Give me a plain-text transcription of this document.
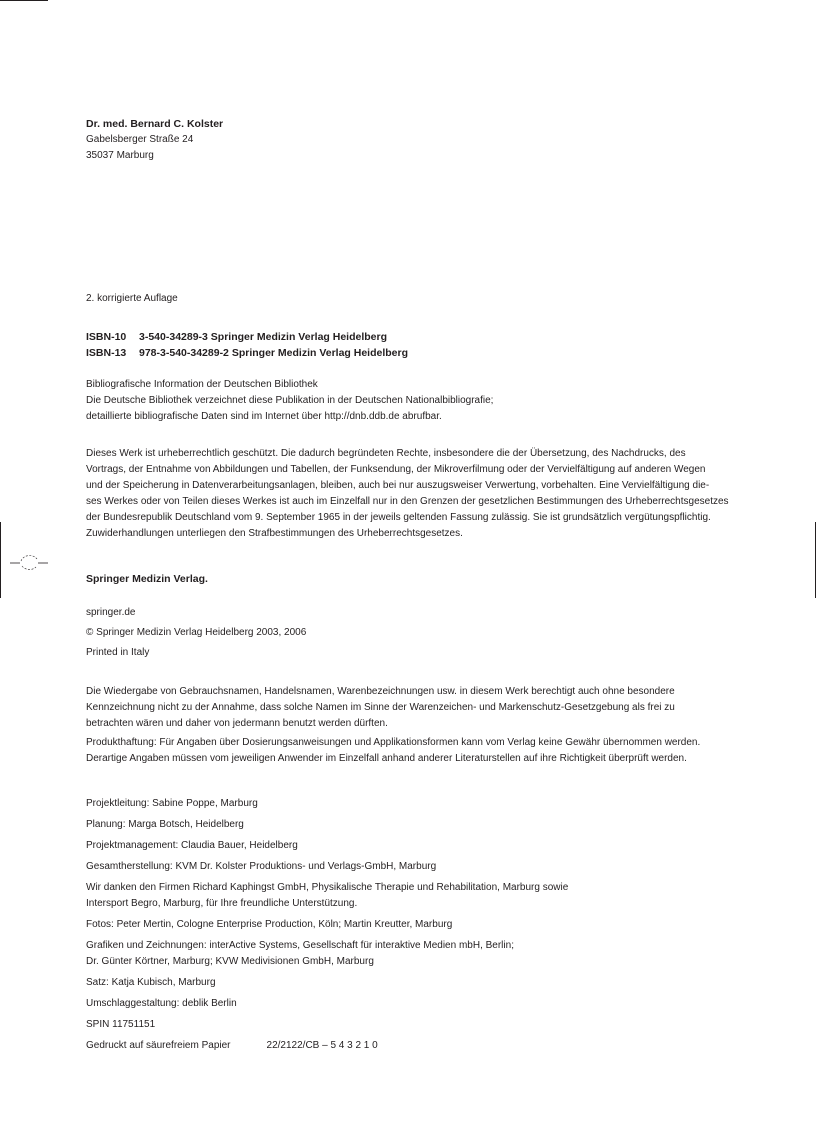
Dr. med. Bernard C. Kolster

Gabelsberger Straße 24

35037 Marburg

2. korrigierte Auflage

ISBN-10 3-540-34289-3 Springer Medizin Verlag Heidelberg

ISBN-13 978-3-540-34289-2 Springer Medizin Verlag Heidelberg

Bibliografische Information der Deutschen Bibliothek

Die Deutsche Bibliothek verzeichnet diese Publikation in der Deutschen Nationalbibliografie;

detaillierte bibliografische Daten sind im Internet über http://dnb.ddb.de abrufbar.

Dieses Werk ist urheberrechtlich geschützt. Die dadurch begründeten Rechte, insbesondere die der Übersetzung, des Nachdrucks, des

Vortrags, der Entnahme von Abbildungen und Tabellen, der Funksendung, der Mikroverfilmung oder der Vervielfältigung auf anderen Wegen

und der Speicherung in Datenverarbeitungsanlagen, bleiben, auch bei nur auszugsweiser Verwertung, vorbehalten. Eine Vervielfältigung die-

ses Werkes oder von Teilen dieses Werkes ist auch im Einzelfall nur in den Grenzen der gesetzlichen Bestimmungen des Urheberrechtsgesetzes

der Bundesrepublik Deutschland vom 9. September 1965 in der jeweils geltenden Fassung zulässig. Sie ist grundsätzlich vergütungspflichtig.

Zuwiderhandlungen unterliegen den Strafbestimmungen des Urheberrechtsgesetzes.

Springer Medizin Verlag.

springer.de

© Springer Medizin Verlag Heidelberg 2003, 2006

Printed in Italy

Die Wiedergabe von Gebrauchsnamen, Handelsnamen, Warenbezeichnungen usw. in diesem Werk berechtigt auch ohne besondere
Kennzeichnung nicht zu der Annahme, dass solche Namen im Sinne der Warenzeichen- und Markenschutz-Gesetzgebung als frei zu
betrachten wären und daher von jedermann benutzt werden dürften.
Produkthaftung: Für Angaben über Dosierungsanweisungen und Applikationsformen kann vom Verlag keine Gewähr übernommen werden.
Derartige Angaben müssen vom jeweiligen Anwender im Einzelfall anhand anderer Literaturstellen auf ihre Richtigkeit überprüft werden.

Projektleitung: Sabine Poppe, Marburg

Planung: Marga Botsch, Heidelberg

Projektmanagement: Claudia Bauer, Heidelberg

Gesamtherstellung: KVM Dr. Kolster Produktions- und Verlags-GmbH, Marburg

Wir danken den Firmen Richard Kaphingst GmbH, Physikalische Therapie und Rehabilitation, Marburg sowie
Intersport Begro, Marburg, für Ihre freundliche Unterstützung.

Fotos: Peter Mertin, Cologne Enterprise Production, Köln; Martin Kreutter, Marburg

Grafiken und Zeichnungen: interActive Systems, Gesellschaft für interaktive Medien mbH, Berlin;
Dr. Günter Körtner, Marburg; KVW Medivisionen GmbH, Marburg

Satz: Katja Kubisch, Marburg

Umschlaggestaltung: deblik Berlin

SPIN 11751151

Gedruckt auf säurefreiem Papier	22/2122/CB – 5 4 3 2 1 0
